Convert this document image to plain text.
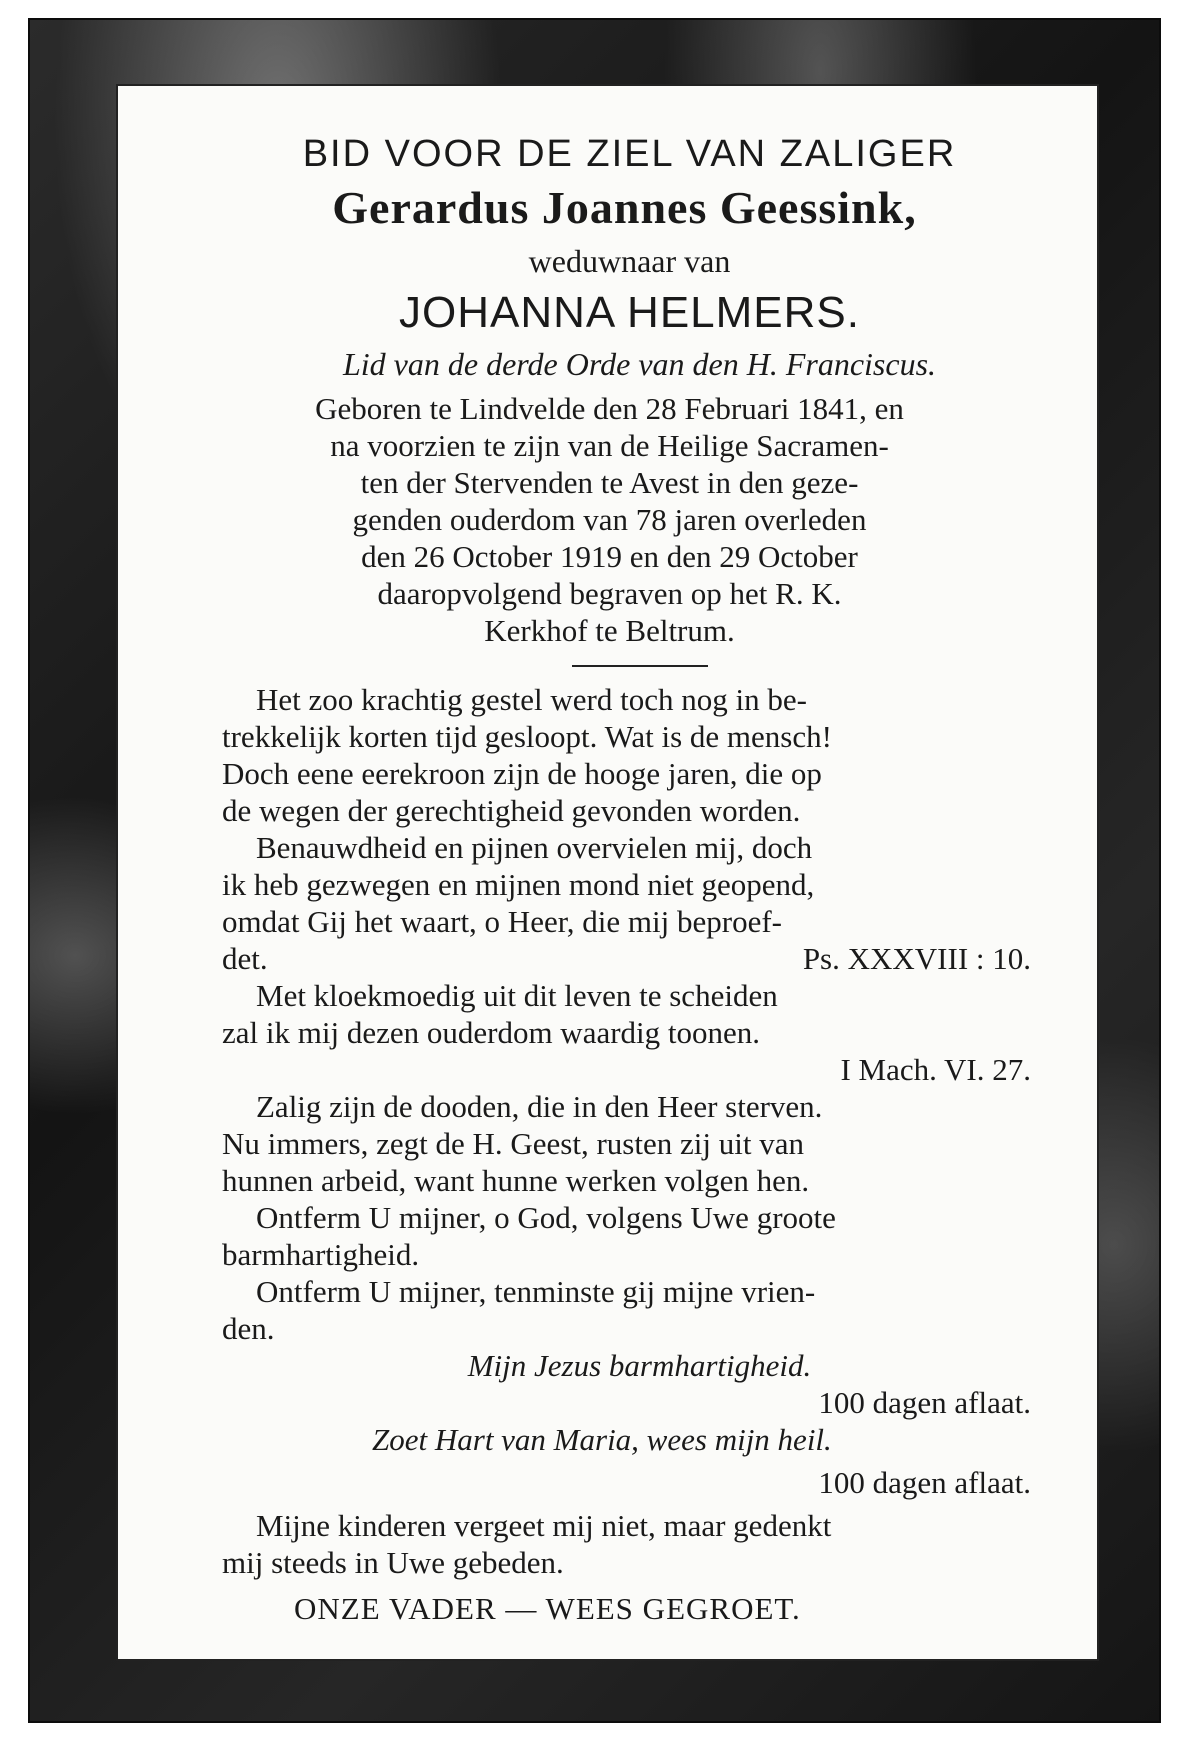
BID VOOR DE ZIEL VAN ZALIGER

Gerardus Joannes Geessink,

weduwnaar van

JOHANNA HELMERS.

Lid van de derde Orde van den H. Franciscus.

Geboren te Lindvelde den 28 Februari 1841, en
na voorzien te zijn van de Heilige Sacramen-
ten der Stervenden te Avest in den geze-
genden ouderdom van 78 jaren overleden
den 26 October 1919 en den 29 October
daaropvolgend begraven op het R. K.
Kerkhof te Beltrum.
Het zoo krachtig gestel werd toch nog in be-
trekkelijk korten tijd gesloopt. Wat is de mensch!
Doch eene eerekroon zijn de hooge jaren, die op
de wegen der gerechtigheid gevonden worden.
Benauwdheid en pijnen overvielen mij, doch
ik heb gezwegen en mijnen mond niet geopend,
omdat Gij het waart, o Heer, die mij beproef-
det.	Ps. XXXVIII : 10.
Met kloekmoedig uit dit leven te scheiden
zal ik mij dezen ouderdom waardig toonen.
I Mach. VI. 27.
Zalig zijn de dooden, die in den Heer sterven.
Nu immers, zegt de H. Geest, rusten zij uit van
hunnen arbeid, want hunne werken volgen hen.
Ontferm U mijner, o God, volgens Uwe groote
barmhartigheid.
Ontferm U mijner, tenminste gij mijne vrien-
den.
Mijn Jezus barmhartigheid.
100 dagen aflaat.
Zoet Hart van Maria, wees mijn heil.
100 dagen aflaat.
Mijne kinderen vergeet mij niet, maar gedenkt
mij steeds in Uwe gebeden.

ONZE VADER — WEES GEGROET.
